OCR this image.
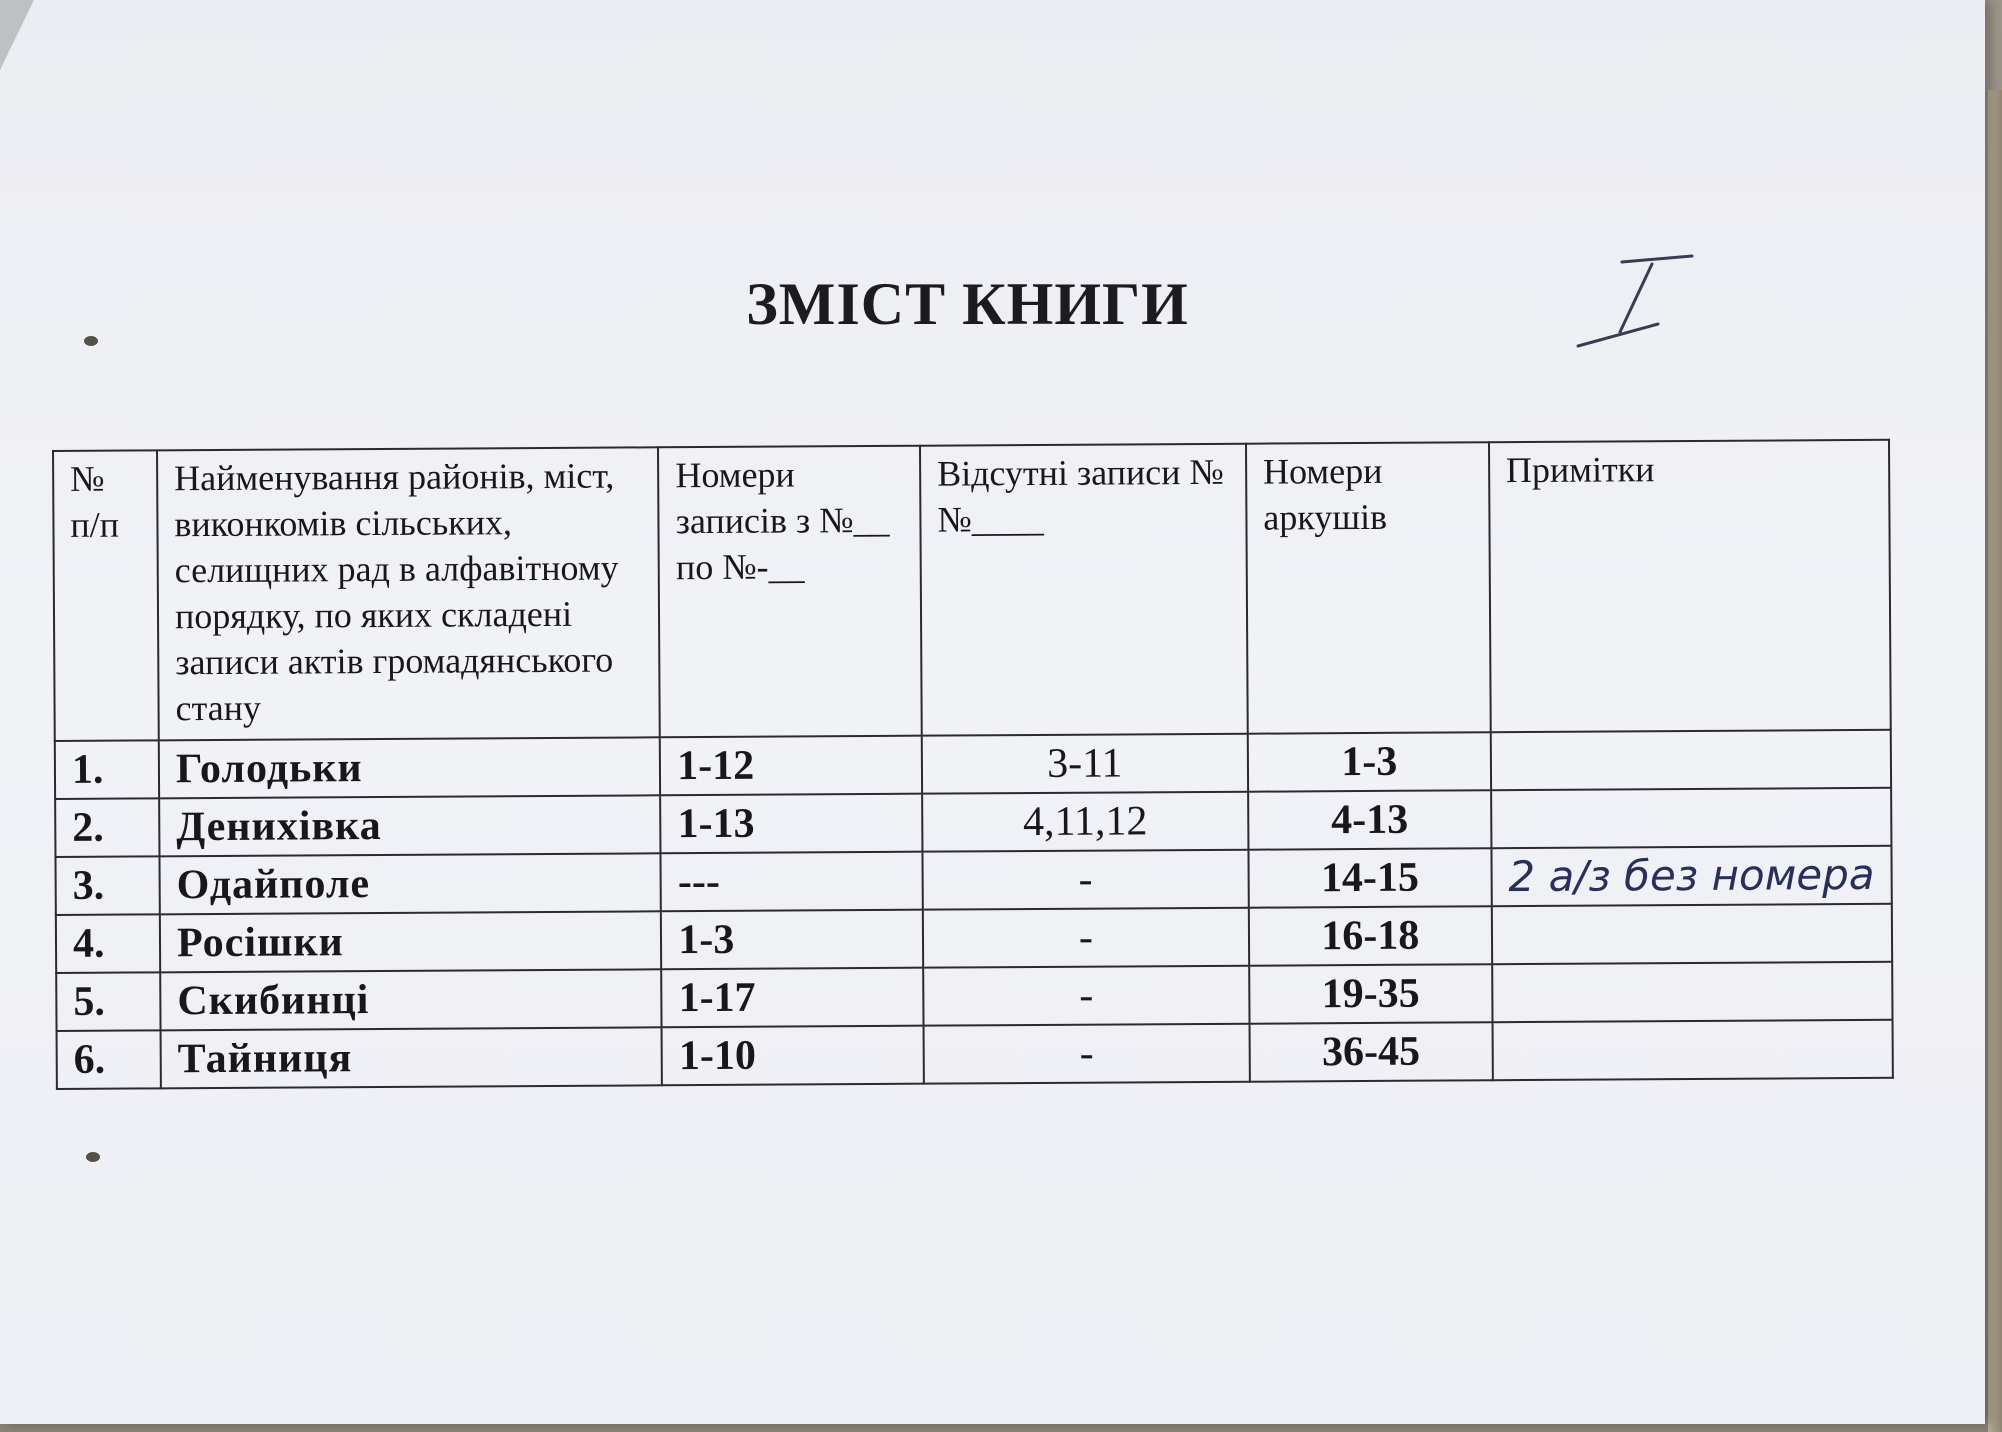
ЗМІСТ КНИГИ
№ п/п	Найменування районів, міст, виконкомів сільських, селищних рад в алфавітному порядку, по яких складені записи актів громадянського стану	Номери записів з №__ по №-__	Відсутні записи №№____	Номери аркушів	Примітки
1.	Голодьки	1-12	3-11	1-3	
2.	Дениxівка	1-13	4,11,12	4-13	
3.	Одайполе	---	-	14-15	2 а/з без номера
4.	Росішки	1-3	-	16-18	
5.	Скибинці	1-17	-	19-35	
6.	Тайниця	1-10	-	36-45	
